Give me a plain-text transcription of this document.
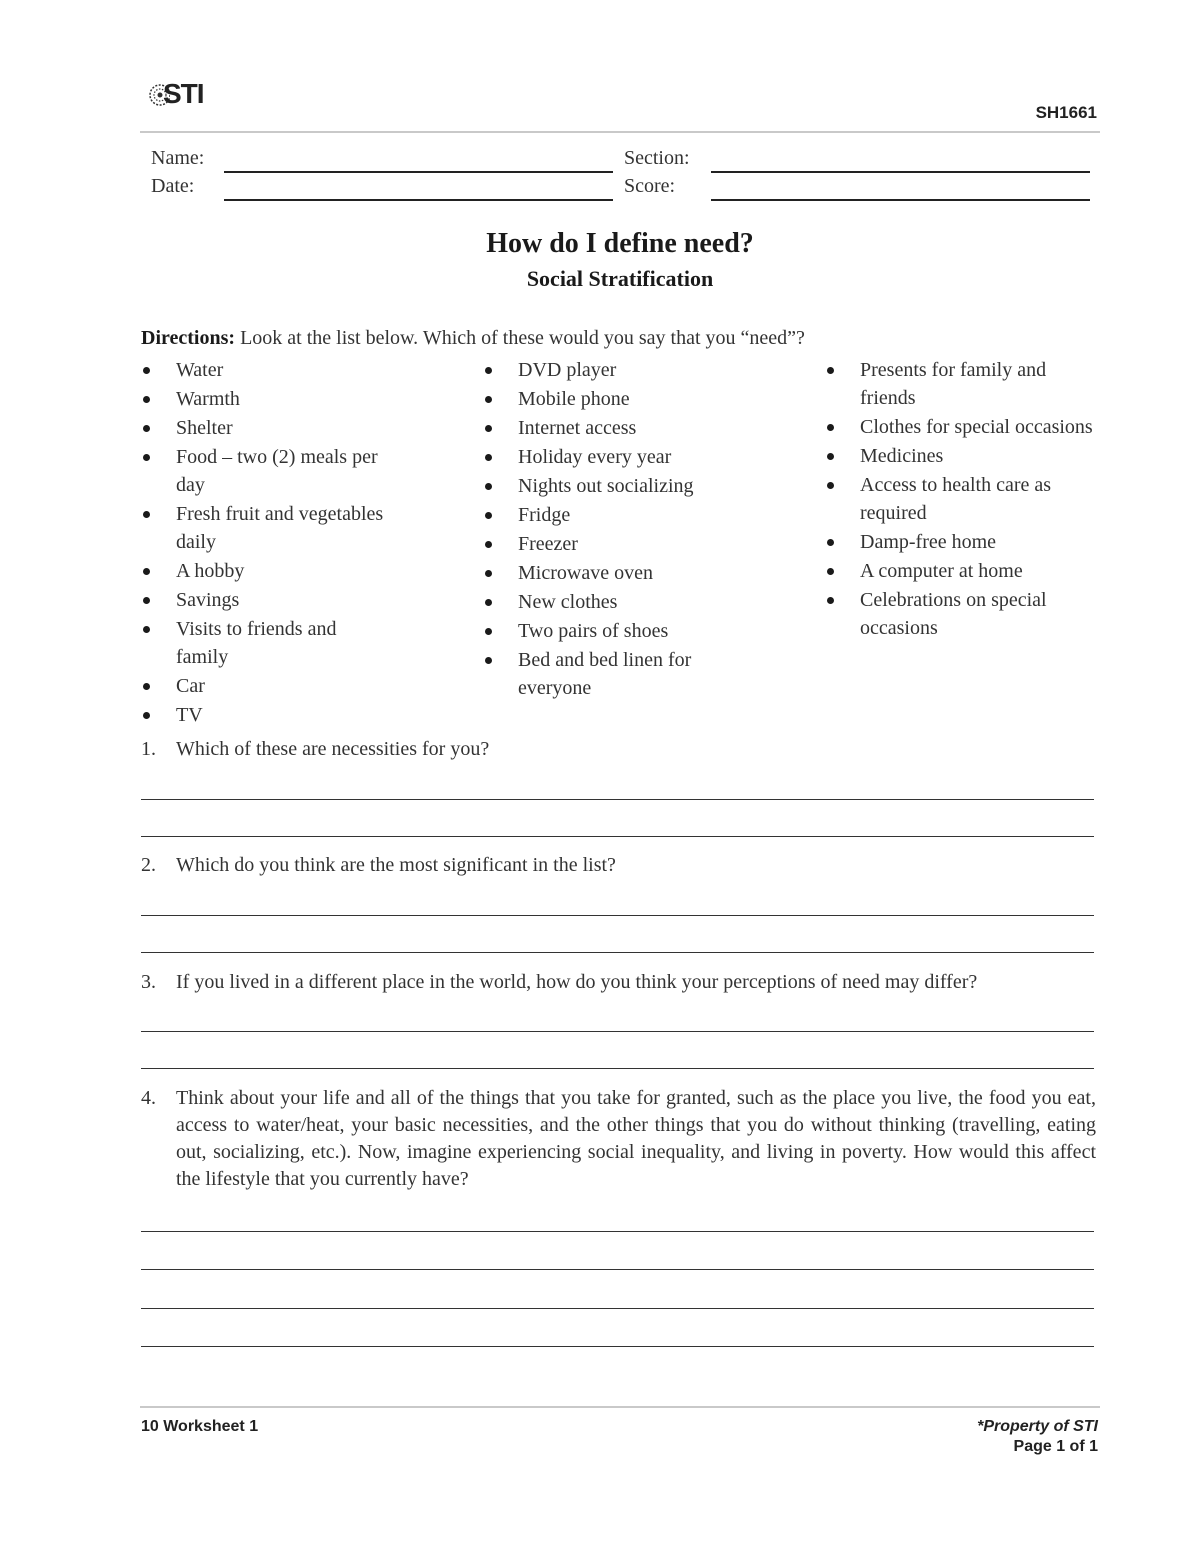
STI
SH1661
Name:
Date:
Section:
Score:
How do I define need?
Social Stratification
Directions: Look at the list below. Which of these would you say that you “need”?
Water
Warmth
Shelter
Food – two (2) meals per day
Fresh fruit and vegetables daily
A hobby
Savings
Visits to friends and family
Car
TV
DVD player
Mobile phone
Internet access
Holiday every year
Nights out socializing
Fridge
Freezer
Microwave oven
New clothes
Two pairs of shoes
Bed and bed linen for everyone
Presents for family and friends
Clothes for special occasions
Medicines
Access to health care as required
Damp-free home
A computer at home
Celebrations on special occasions
1. Which of these are necessities for you?
2. Which do you think are the most significant in the list?
3. If you lived in a different place in the world, how do you think your perceptions of need may differ?
4. Think about your life and all of the things that you take for granted, such as the place you live, the food you eat, access to water/heat, your basic necessities, and the other things that you do without thinking (travelling, eating out, socializing, etc.). Now, imagine experiencing social inequality, and living in poverty. How would this affect the lifestyle that you currently have?
10 Worksheet 1	*Property of STI
Page 1 of 1
